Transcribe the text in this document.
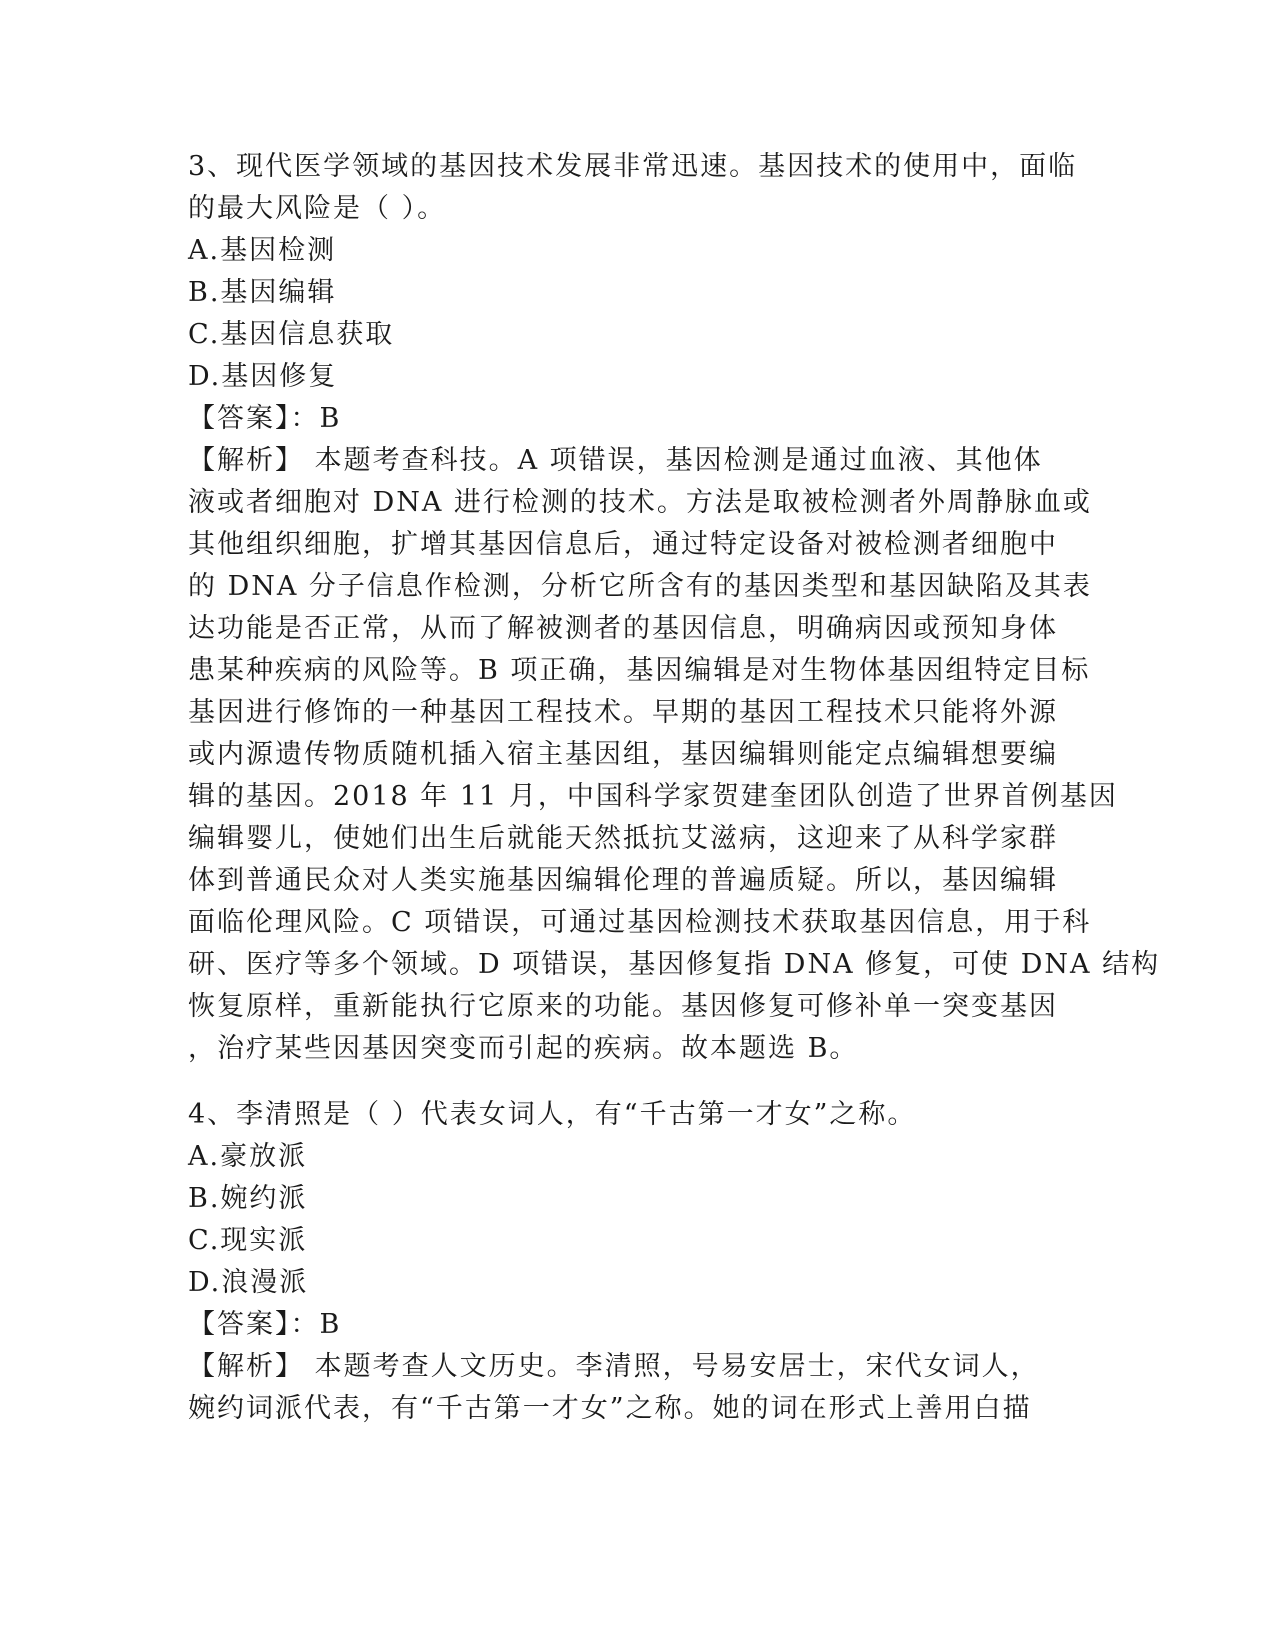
3、现代医学领域的基因技术发展非常迅速。基因技术的使用中，面临
的最大风险是（ ）。
A.基因检测
B.基因编辑
C.基因信息获取
D.基因修复
【答案】：B
【解析】 本题考查科技。A 项错误，基因检测是通过血液、其他体
液或者细胞对 DNA 进行检测的技术。方法是取被检测者外周静脉血或
其他组织细胞，扩增其基因信息后，通过特定设备对被检测者细胞中
的 DNA 分子信息作检测，分析它所含有的基因类型和基因缺陷及其表
达功能是否正常，从而了解被测者的基因信息，明确病因或预知身体
患某种疾病的风险等。B 项正确，基因编辑是对生物体基因组特定目标
基因进行修饰的一种基因工程技术。早期的基因工程技术只能将外源
或内源遗传物质随机插入宿主基因组，基因编辑则能定点编辑想要编
辑的基因。2018 年 11 月，中国科学家贺建奎团队创造了世界首例基因
编辑婴儿，使她们出生后就能天然抵抗艾滋病，这迎来了从科学家群
体到普通民众对人类实施基因编辑伦理的普遍质疑。所以，基因编辑
面临伦理风险。C 项错误，可通过基因检测技术获取基因信息，用于科
研、医疗等多个领域。D 项错误，基因修复指 DNA 修复，可使 DNA 结构
恢复原样，重新能执行它原来的功能。基因修复可修补单一突变基因
，治疗某些因基因突变而引起的疾病。故本题选 B。
4、李清照是（ ）代表女词人，有“千古第一才女”之称。
A.豪放派
B.婉约派
C.现实派
D.浪漫派
【答案】：B
【解析】 本题考查人文历史。李清照，号易安居士，宋代女词人，
婉约词派代表，有“千古第一才女”之称。她的词在形式上善用白描
